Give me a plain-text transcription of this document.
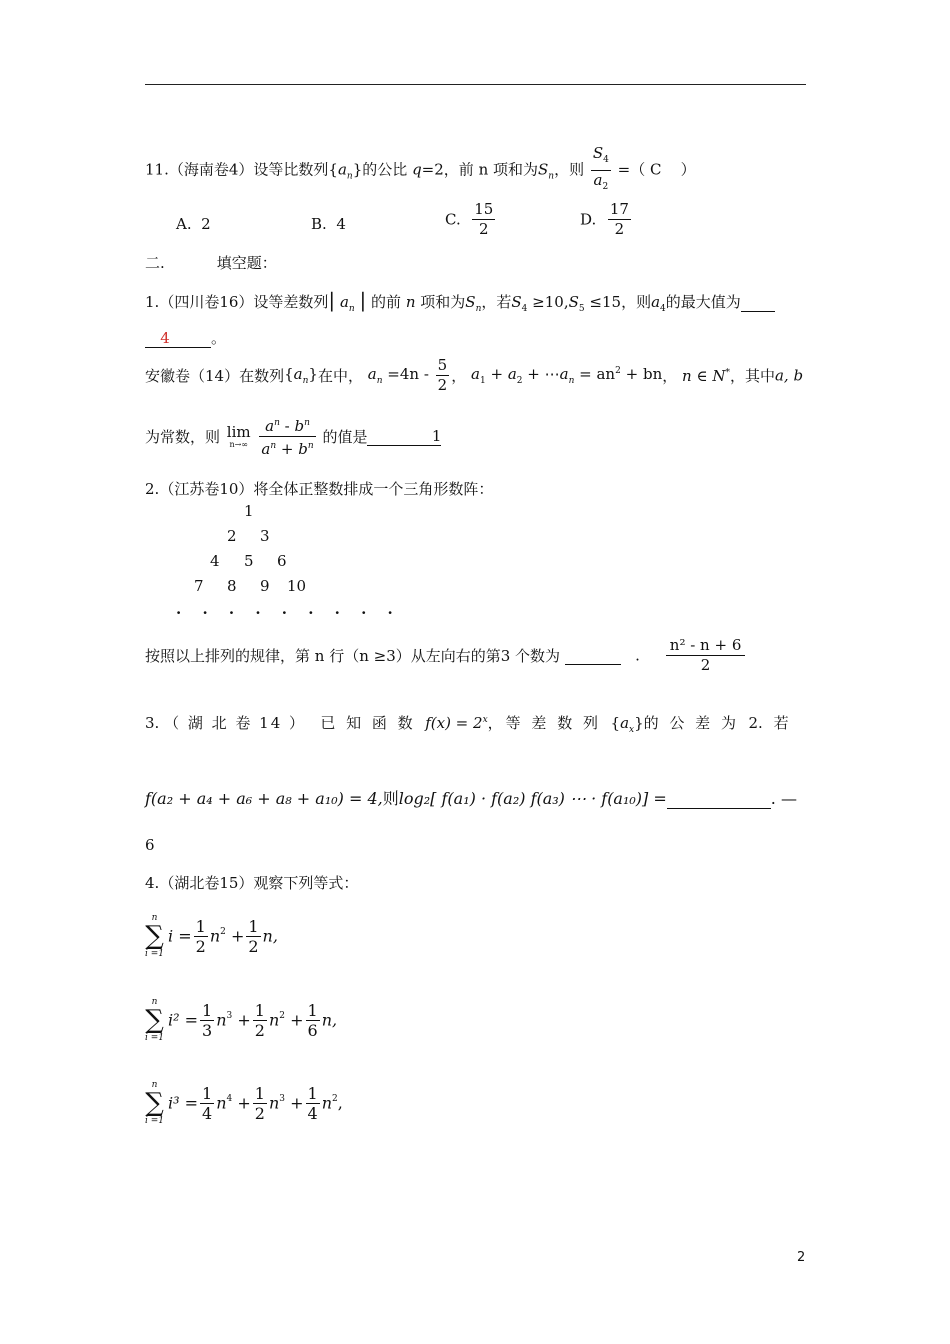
11.（海南卷4）设等比数列$\{a_n\}$的公比 q=2，前 n 项和为$S_n$，则 $\frac{S_4}{a_2}$ =（ C ）
A. 2	B. 4	C. $\frac{15}{2}$	D. $\frac{17}{2}$
二.	填空题：
1.（四川卷16）设等差数列| $a_n$ | 的前 n 项和为$S_n$，若$S_4 \ge 10,S_5 \le 15$，则$a_4$的最大值为
4	。
安徽卷（14）在数列$\{a_n\}$在中， $a_n =4n - \frac{5}{2}$ ， $a_1 + a_2$ + $\cdots a_n = an^2$ + bn， n ∈ N*，其中a, b
为常数，则 lim
n→∞
$\frac{a^n - b^n}{a^n + b^n}$ 的值是	1
2.（江苏卷10）将全体正整数排成一个三角形数阵：
1
2 3
4 5 6
7 8 9 10
. . . . . . . . .
按照以上排列的规律，第 n 行（n ≥3）从左向右的第3 个数为	. $\frac{\text{n² - n + 6}}{2}$
3. （ 湖 北 卷 14 ） 已 知 函 数 $f(x) = 2^x$，等 差 数 列  $\{a_x\}$的 公 差 为 2. 若
f(a₂ + a₄ + a₆ + a₈ + a₁₀) = 4,则log₂[ f(a₁) · f(a₂) f(a₃) ⋯ · f(a₁₀)] =	. —
6
4.（湖北卷15）观察下列等式：
n
∑
i =1
$i = \frac{1}{2} n^2 + \frac{1}{2} n$,
n
∑
i =1
$i^2 = \frac{1}{3} n^3 + \frac{1}{2} n^2 + \frac{1}{6} n$,
n
∑
i =1
$i^3 = \frac{1}{4} n^4 + \frac{1}{2} n^3 + \frac{1}{4} n^2$,
2
